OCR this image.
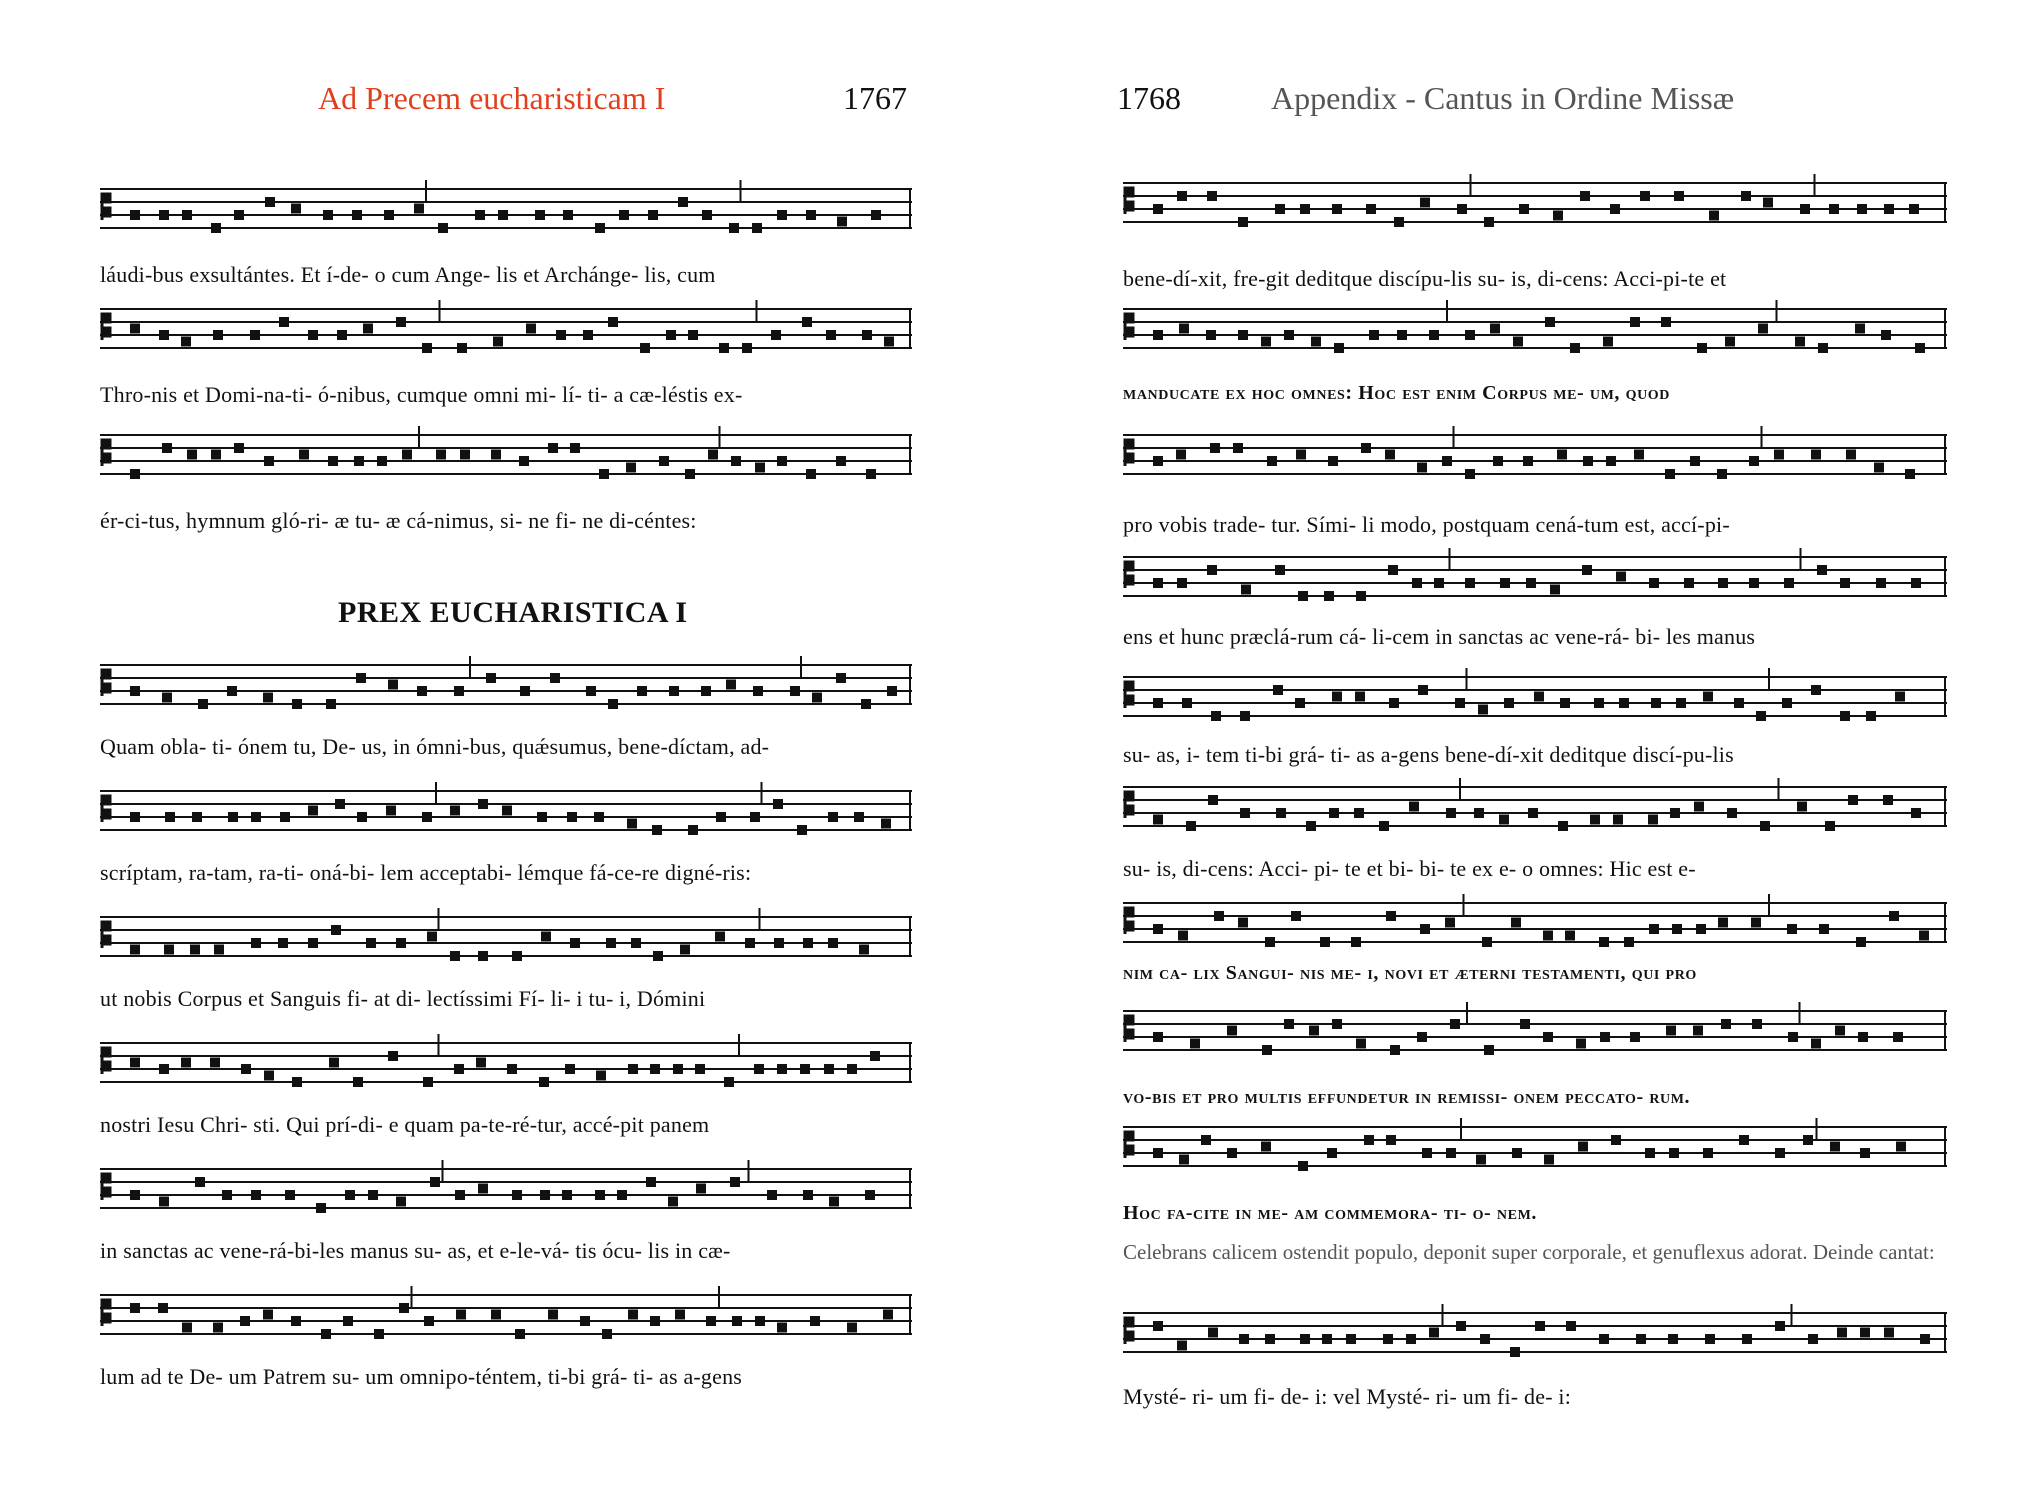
Ad Precem eucharisticam I	1767
láudi-bus exsultántes. Et í-de- o cum Ange- lis et Archánge- lis, cum
Thro-nis et Domi-na-ti- ó-nibus, cumque omni mi- lí- ti- a cæ-léstis ex-
ér-ci-tus, hymnum gló-ri- æ tu- æ cá-nimus, si- ne fi- ne di-céntes:
PREX EUCHARISTICA I
Quam obla- ti- ónem tu, De- us, in ómni-bus, quǽsumus, bene-díctam, ad-
scríptam, ra-tam, ra-ti- oná-bi- lem acceptabi- lémque fá-ce-re digné-ris:
ut nobis Corpus et Sanguis fi- at di- lectíssimi Fí- li- i tu- i, Dómini
nostri Iesu Chri- sti. Qui prí-di- e quam pa-te-ré-tur, accé-pit panem
in sanctas ac vene-rá-bi-les manus su- as, et e-le-vá- tis ócu- lis in cæ-
lum ad te De- um Patrem su- um omnipo-téntem, ti-bi grá- ti- as a-gens
1768	Appendix - Cantus in Ordine Missæ
bene-dí-xit, fre-git deditque discípu-lis su- is, di-cens: Acci-pi-te et
manducate ex hoc omnes: Hoc est enim Corpus me- um, quod
pro vobis trade- tur. Sími- li modo, postquam cená-tum est, accí-pi-
ens et hunc præclá-rum cá- li-cem in sanctas ac vene-rá- bi- les manus
su- as, i- tem ti-bi grá- ti- as a-gens bene-dí-xit deditque discí-pu-lis
su- is, di-cens: Acci- pi- te et bi- bi- te ex e- o omnes: Hic est e-
nim ca- lix Sangui- nis me- i, novi et æterni testamenti, qui pro
vo-bis et pro multis effundetur in remissi- onem peccato- rum.
Hoc fa-cite in me- am commemora- ti- o- nem.
Celebrans calicem ostendit populo, deponit super corporale, et genuflexus adorat. Deinde cantat:
Mysté- ri- um fi- de- i: vel Mysté- ri- um fi- de- i:
